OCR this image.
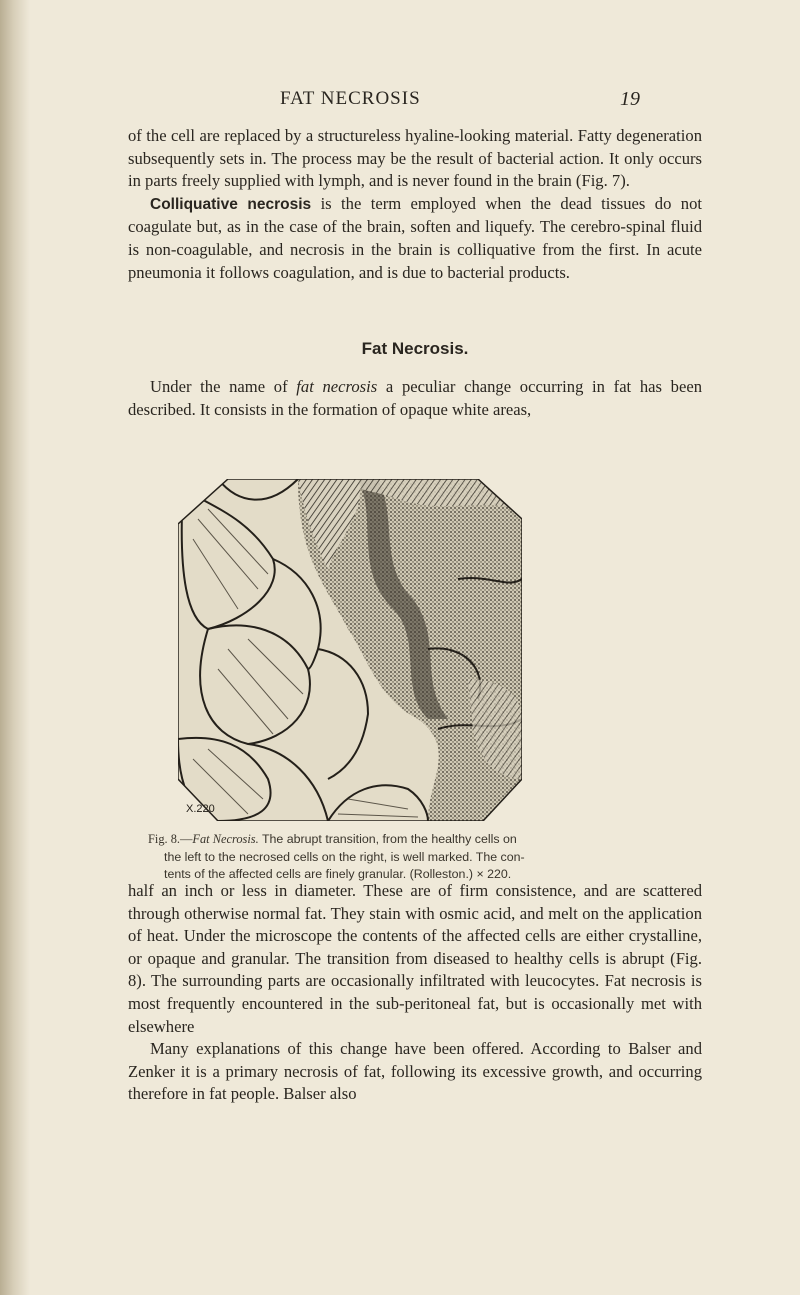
FAT NECROSIS	19

of the cell are replaced by a structureless hyaline-looking material. Fatty degeneration subsequently sets in. The process may be the result of bacterial action. It only occurs in parts freely supplied with lymph, and is never found in the brain (Fig. 7).

Colliquative necrosis is the term employed when the dead tissues do not coagulate but, as in the case of the brain, soften and liquefy. The cerebro-spinal fluid is non-coagulable, and necrosis in the brain is colliquative from the first. In acute pneumonia it follows coagulation, and is due to bacterial products.

Fat Necrosis.

Under the name of fat necrosis a peculiar change occurring in fat has been described. It consists in the formation of opaque white areas,

X.220
Fig. 8.—Fat Necrosis. The abrupt transition, from the healthy cells on
the left to the necrosed cells on the right, is well marked. The con-
tents of the affected cells are finely granular. (Rolleston.) × 220.

half an inch or less in diameter. These are of firm consistence, and are scattered through otherwise normal fat. They stain with osmic acid, and melt on the application of heat. Under the microscope the contents of the affected cells are either crystalline, or opaque and granular. The transition from diseased to healthy cells is abrupt (Fig. 8). The surrounding parts are occasionally infiltrated with leucocytes. Fat necrosis is most frequently encountered in the sub-peritoneal fat, but is occasionally met with elsewhere

Many explanations of this change have been offered. According to Balser and Zenker it is a primary necrosis of fat, following its excessive growth, and occurring therefore in fat people. Balser also
